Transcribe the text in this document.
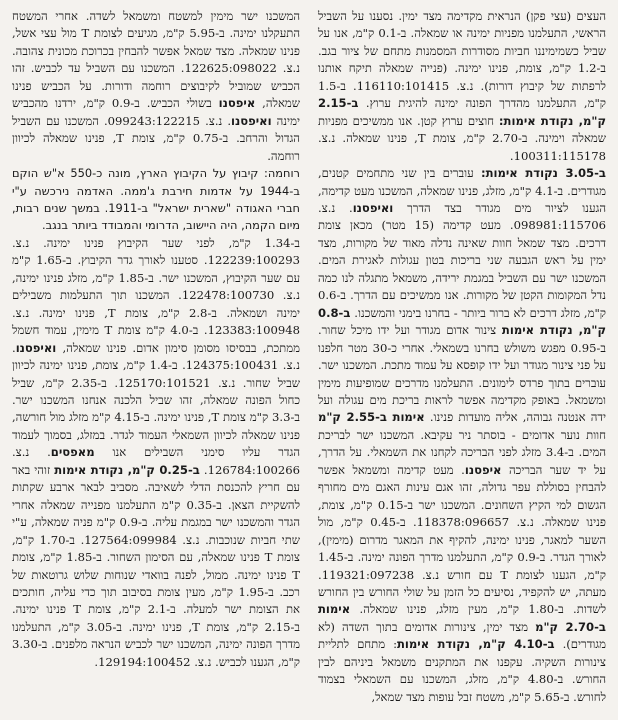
העצים (עצי פקן) הנראית מקדימה מצד ימין. נסענו על השביל הראשי, התעלמנו מפניות ימינה או שמאלה. ב-0.1 ק"מ, אנו על שביל כשמימיננו חביות מסודרות המסמנות מתחם של ציור בגב. ב-1.2 ק"מ, צומת, פנינו ימינה. (פנייה שמאלה תיקח אותנו לרפתות של קיבוץ דורות). נ.צ. 116110:101415. ב-1.5 ק"מ, התעלמנו מהדרך הפונה ימינה להיגית ערוץ. ב-2.15 ק"מ, נקודת אימות: חוצים ערוץ קטן. אנו ממשיכים מפניות שמאלה וימינה. ב-2.70 ק"מ, צומת T, פנינו שמאלה. נ.צ. 100311:115178.

ב-3.05 נקודת אימות: עוברים בין שני מתחמים קטנים, מגודרים. ב-4.1 ק"מ, מזלג, פנינו שמאלה, המשכנו מעט קדימה, הגענו לציור מים מגודר בצד הדרך ואיפסנו. נ.צ. 098981:115706. מעט קדימה (15 מטר) מכאן צומת דרכים. מצד שמאל חוות שאינה נדלה מאוד של מקורות, מצד ימין על ראש הגבעה שני בריכות בטון עגולות לאגירת המים. המשכנו ישר עם השביל במגמת ירידה, משמאל מתגלה לנו כמה נדל המקומות הקטן של מקורות. אנו ממשיכים עם הדרך. ב-0.6 ק"מ, מזלג דרכים לא ברור ביותר - בחרנו בימני והמשכנו. ב-0.8 ק"מ, נקודת אימות צינור אדום מגודר ועל ידו מיכל שחור. ב-0.95 מפגש משולש בחרנו בשמאלי. אחרי כ-30 מטר חלפנו על פני צינור מגודר ועל ידו קופסא על עמוד מתכת. המשכנו ישר. עוברים בתוך פרדס לימונים. התעלמנו מדרכים שמופיעות מימין ומשמאל. באופק מקדימה אפשר לראות בריכת מים עגולה ועל ידה אנטנה גבוהה, אליה מועדות פנינו. אימות ב-2.55 ק"מ חוות נוער אדומים - בוסתר ניר עקיבא. המשכנו ישר לבריכת המים. ב-3.4 מזלג לפני הבריכה לקחנו את השמאלי. על הדרך, על יד שער הבריכה איפסנו. מעט קדימה ומשמאל אפשר להבחין בסוללת עפר גדולה, זהו אגם עינות האגם מים מחורף הגשום למי הקיץ השחונים. המשכנו ישר ב-0.15 ק"מ, צומת, פנינו שמאלה. נ.צ. 118378:096657. ב-0.45 ק"מ, מול השער למאגר, פנינו ימינה, להקיף את המאגר מדרום (מימין), לאורך הגדר. ב-0.9 ק"מ, התעלמנו מדרך הפונה ימינה. ב-1.45 ק"מ, הגענו לצומת T עם חורש נ.צ. 119321:097238. מעתה, יש להקפיד, נסיעים כל הזמן על שולי החורש בין החורש לשדות. ב-1.80 ק"מ, מעין מזלג, פנינו שמאלה. אימות ב-2.70 ק"מ מצד ימין, צינורות אדומים בתוך השדה (לא מגודרים). ב-4.10 ק"מ, נקודת אימות: מתחם לתליית צינורות השקיה. עקפנו את המתקנים משמאל ביניהם לבין החורש. ב-4.80 ק"מ, מזלג, המשכנו עם השמאלי בצמוד לחורש. ב-5.65 ק"מ, משטח זבל עופות מצד שמאל,

המשכנו ישר מימין למשטח ומשמאל לשדה. אחרי המשטח התעקלנו ימינה. ב-5.95 ק"מ, מגיעים לצומת T מול עצי אשל, פנינו שמאלה. מצד שמאל אפשר להבחין בכרוכת מכונית צהובה. נ.צ. 122625:098022. המשכנו עם השביל עד לכביש. זהו הכביש שמוביל לקיבוצים רוחמה ודורות. על הכביש פנינו שמאלה, איפסנו בשולי הכביש. ב-0.9 ק"מ, ירדנו מהכביש ימינה ואיפסנו. נ.צ. 099243:122215. המשכנו עם השביל הגדול והרחב. ב-0.75 ק"מ, צומת T, פנינו שמאלה לכיוון רוחמה.

רוחמה: קיבוץ על הקיבוץ הארץ, מונה כ-550 א"ש הוקם ב-1944 על אדמות חירבת ג'ממה. האדמה נירכשה ע"י חברי האגודה "שארית ישראל" ב-1911. במשך שנים רבות, מיום הקמה, היה היישוב, הדרומי והמבודד ביותר בנגב.

ב-1.34 ק"מ, לפני שער הקיבוץ פנינו ימינה. נ.צ. 122239:100293. סטענו לאורך גדר הקיבוץ. ב-1.65 ק"מ עם שער הקיבוץ, המשכנו ישר. ב-1.85 ק"מ, מזלג פנינו ימינה, נ.צ. 122478:100730. המשכנו תוך התעלמות משבילים ימינה ושמאלה. ב-2.8 ק"מ, צומת T, פנינו ימינה. נ.צ. 123383:100948. ב-4.0 ק"מ צומת T מימין, עמוד חשמל ממתכת, בבסיסו מסומן סימון אדום. פנינו שמאלה, ואיפסנו. נ.צ. 124375:100431. ב-1.4 ק"מ, צומת, פנינו ימינה לכיוון שביל שחור. נ.צ. 125170:101521. ב-2.35 ק"מ, שביל כחול הפונה שמאלה, זהו שביל הלכנה אנחנו המשכנו ישר. ב-3.3 ק"מ צומת T, פנינו ימינה. ב-4.15 ק"מ מזלג מול חורשה, פנינו שמאלה לכיוון השמאלי העמוד לגדר. במזלג, בסמוך לעמוד הגדר עליו סימני השבילים אנו מאפסים. נ.צ. 126784:100266. ב-0.25 ק"מ, נקודת אימות זוהי באר עם חריץ להכנסת הדלי לשאיבה. מסביב לבאר ארבע שקתות להשקיית הצאן. ב-0.35 ק"מ התעלמנו מפנייה שמאלה אחרי הגדר והמשכנו ישר במגמת עליה. ב-0.9 ק"מ פניה שמאלה, ע"י שתי חביות שנוכבות. נ.צ. 127564:099984. ב-1.70 ק"מ, צומת T פנינו שמאלה, עם הסימון השחור. ב-1.85 ק"מ, צומת T פנינו ימינה. ממול, לפנה בוואדי שנוחות שלוש גרוטאות של רכב. ב-1.95 ק"מ, מעין צומת בסיבוב תוך כדי עליה, חותכים את הצומת ישר למעלה. ב-2.1 ק"מ, צומת T פנינו ימינה. ב-2.15 ק"מ, צומת T, פנינו ימינה. ב-3.05 ק"מ, התעלמנו מדרך הפונה ימינה, המשכנו ישר לכביש הנראה מלפנים. ב-3.30 ק"מ, הגענו לכביש. נ.צ. 129194:100452.
